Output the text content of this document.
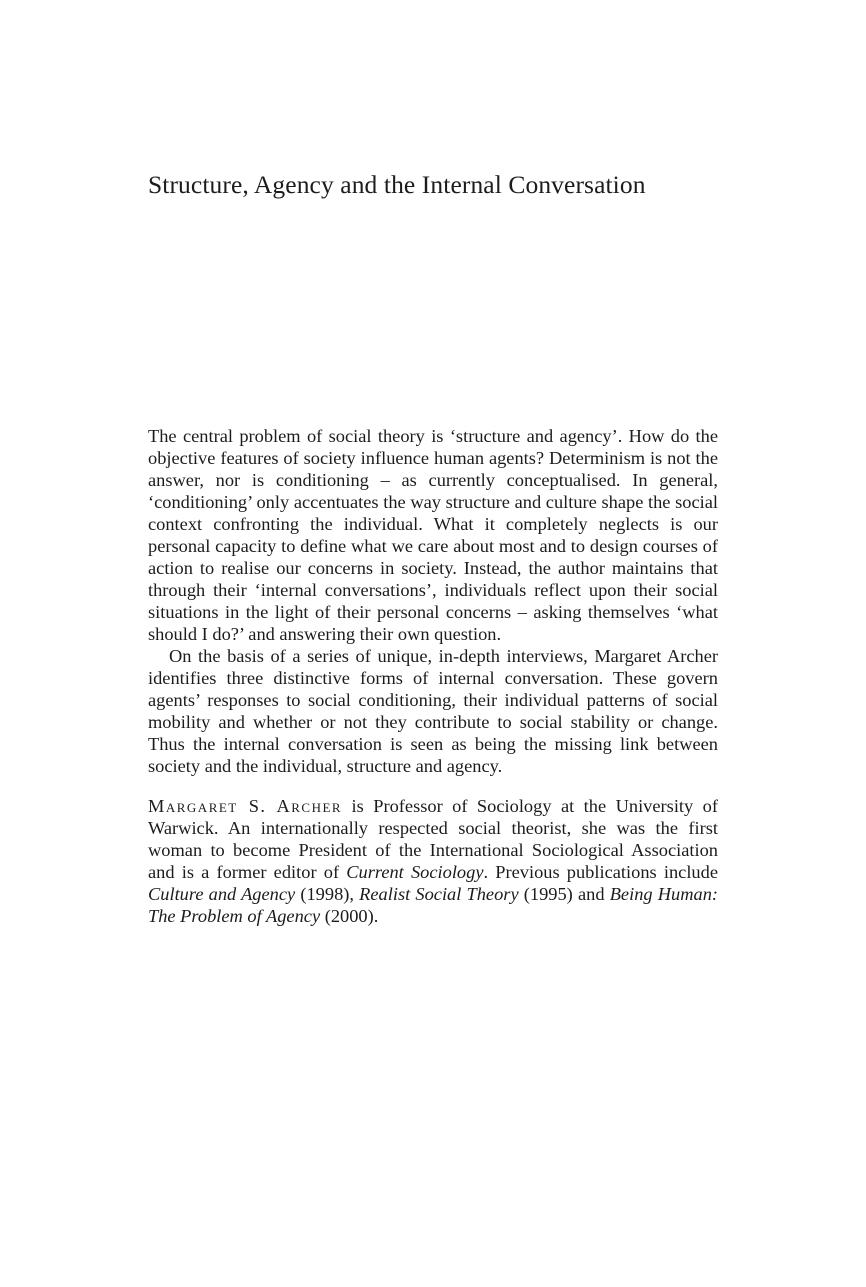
Structure, Agency and the Internal Conversation

The central problem of social theory is ‘structure and agency’. How do the objective features of society influence human agents? Determinism is not the answer, nor is conditioning – as currently conceptualised. In general, ‘conditioning’ only accentuates the way structure and culture shape the social context confronting the individual. What it completely neglects is our personal capacity to define what we care about most and to design courses of action to realise our concerns in society. Instead, the author maintains that through their ‘internal conversations’, individuals reflect upon their social situations in the light of their personal concerns – asking themselves ‘what should I do?’ and answering their own question.

On the basis of a series of unique, in-depth interviews, Margaret Archer identifies three distinctive forms of internal conversation. These govern agents’ responses to social conditioning, their individual patterns of social mobility and whether or not they contribute to social stability or change. Thus the internal conversation is seen as being the missing link between society and the individual, structure and agency.

Margaret S. Archer is Professor of Sociology at the University of Warwick. An internationally respected social theorist, she was the first woman to become President of the International Sociological Association and is a former editor of Current Sociology. Previous publications include Culture and Agency (1998), Realist Social Theory (1995) and Being Human: The Problem of Agency (2000).
